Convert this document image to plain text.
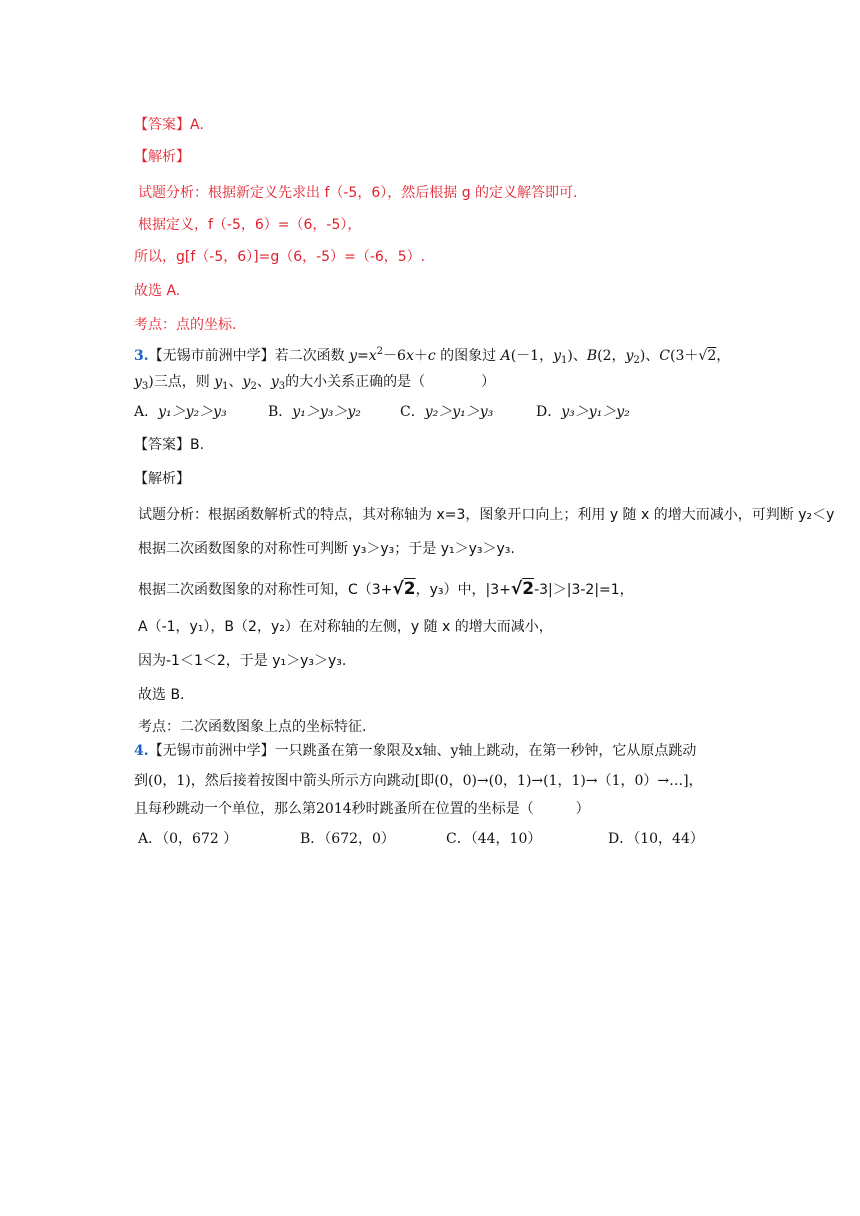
【答案】A.
【解析】
试题分析：根据新定义先求出 f（-5，6），然后根据 g 的定义解答即可.
根据定义，f（-5，6）=（6，-5），
所以，g[f（-5，6）]=g（6，-5）=（-6，5）.
故选 A.
考点：点的坐标.
3.【无锡市前洲中学】若二次函数 $y=x^2-6x+c$ 的图象过 A(－1，$y_1$)、B(2，$y_2$)、C(3＋√2，
$y_3$)三点，则 $y_1$、$y_2$、$y_3$的大小关系正确的是（　　　　）
A．y₁＞y₂＞y₃	B．y₁＞y₃＞y₂	C．y₂＞y₁＞y₃	D．y₃＞y₁＞y₂
【答案】B.
【解析】
试题分析：根据函数解析式的特点，其对称轴为 x=3，图象开口向上；利用 y 随 x 的增大而减小，可判断 y₂＜y
根据二次函数图象的对称性可判断 y₃＞y₃；于是 y₁＞y₃＞y₃.
根据二次函数图象的对称性可知，C（3+√2，y₃）中，|3+√2-3|＞|3-2|=1，
A（-1，y₁），B（2，y₂）在对称轴的左侧，y 随 x 的增大而减小，
因为-1＜1＜2，于是 y₁＞y₃＞y₃.
故选 B.
考点：二次函数图象上点的坐标特征.
4.【无锡市前洲中学】一只跳蚤在第一象限及x轴、y轴上跳动，在第一秒钟，它从原点跳动
到(0，1)，然后接着按图中箭头所示方向跳动[即(0，0)→(0，1)→(1，1)→（1，0）→…]，
且每秒跳动一个单位，那么第2014秒时跳蚤所在位置的坐标是（　　　）
A．（0，672 ）	B．（672，0）	C．（44，10）	D．（10，44）
